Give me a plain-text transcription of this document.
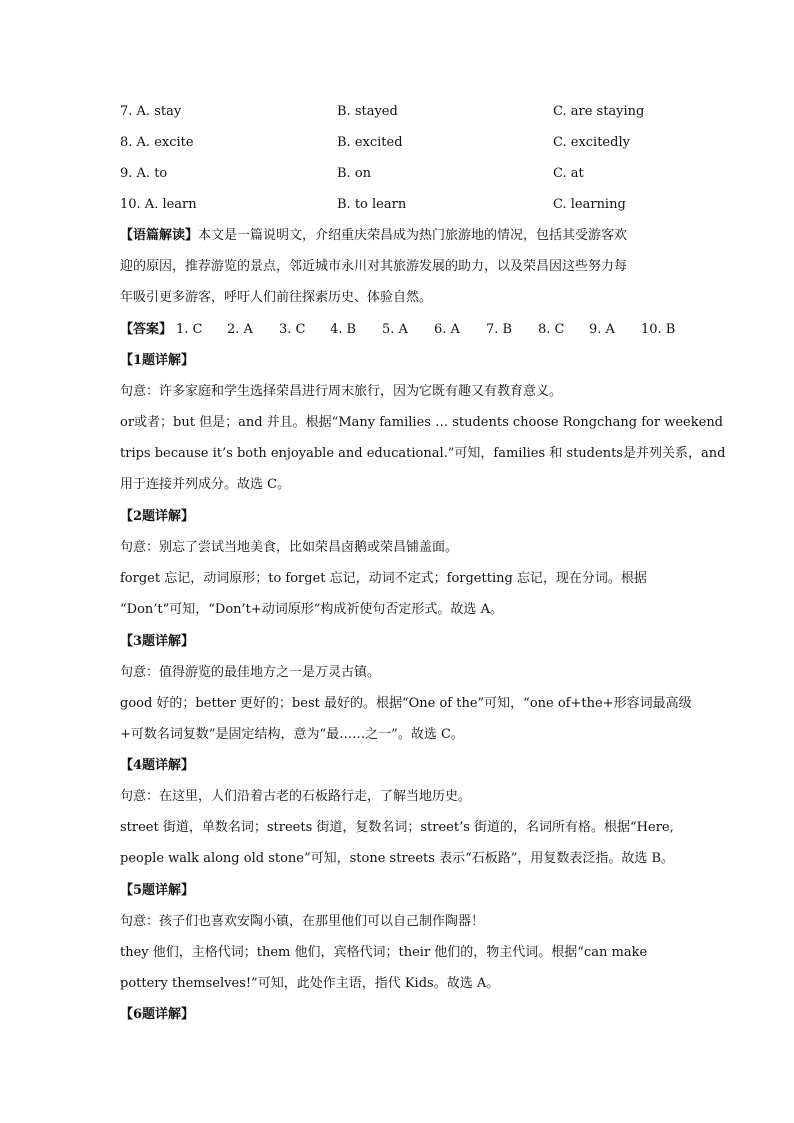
7. A. stay	B. stayed	C. are staying
8. A. excite	B. excited	C. excitedly
9. A. to	B. on	C. at
10. A. learn	B. to learn	C. learning
【语篇解读】本文是一篇说明文，介绍重庆荣昌成为热门旅游地的情况，包括其受游客欢
迎的原因，推荐游览的景点，邻近城市永川对其旅游发展的助力，以及荣昌因这些努力每
年吸引更多游客，呼吁人们前往探索历史、体验自然。
【答案】 1. C 2. A 3. C 4. B 5. A 6. A 7. B 8. C 9. A 10. B
【1题详解】
句意：许多家庭和学生选择荣昌进行周末旅行，因为它既有趣又有教育意义。
or或者；but 但是；and 并且。根据“Many families … students choose Rongchang for weekend
trips because it’s both enjoyable and educational.”可知，families 和 students是并列关系，and
用于连接并列成分。故选 C。
【2题详解】
句意：别忘了尝试当地美食，比如荣昌卤鹅或荣昌铺盖面。
forget 忘记，动词原形；to forget 忘记，动词不定式；forgetting 忘记，现在分词。根据
“Don’t”可知，“Don’t+动词原形”构成祈使句否定形式。故选 A。
【3题详解】
句意：值得游览的最佳地方之一是万灵古镇。
good 好的；better 更好的；best 最好的。根据“One of the”可知，“one of+the+形容词最高级
+可数名词复数”是固定结构，意为“最……之一”。故选 C。
【4题详解】
句意：在这里，人们沿着古老的石板路行走，了解当地历史。
street 街道，单数名词；streets 街道，复数名词；street’s 街道的，名词所有格。根据“Here,
people walk along old stone”可知，stone streets 表示“石板路”，用复数表泛指。故选 B。
【5题详解】
句意：孩子们也喜欢安陶小镇，在那里他们可以自己制作陶器！
they 他们，主格代词；them 他们，宾格代词；their 他们的，物主代词。根据“can make
pottery themselves!”可知，此处作主语，指代 Kids。故选 A。
【6题详解】
